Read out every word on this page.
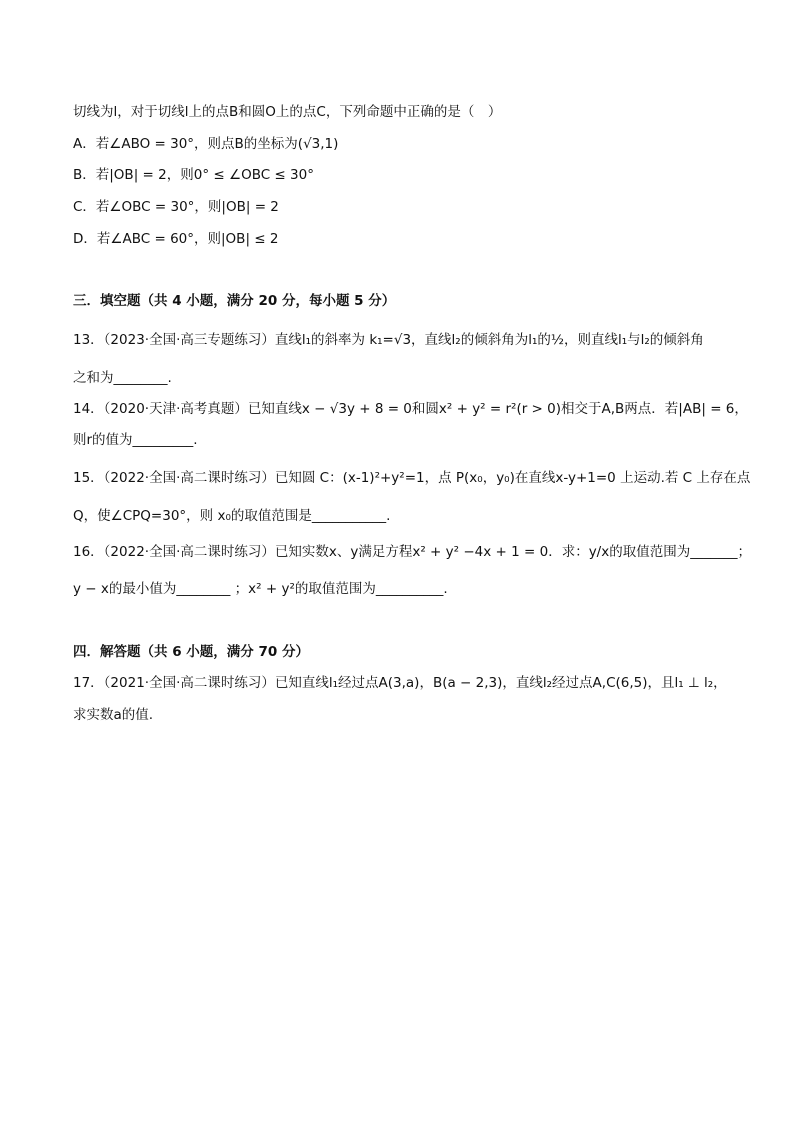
切线为l，对于切线l上的点B和圆O上的点C，下列命题中正确的是（　）
A．若∠ABO = 30°，则点B的坐标为(√3,1)
B．若|OB| = 2，则0° ≤ ∠OBC ≤ 30°
C．若∠OBC = 30°，则|OB| = 2
D．若∠ABC = 60°，则|OB| ≤ 2
三．填空题（共 4 小题，满分 20 分，每小题 5 分）
13．（2023·全国·高三专题练习）直线l₁的斜率为 k₁=√3，直线l₂的倾斜角为l₁的½，则直线l₁与l₂的倾斜角
之和为________.
14．（2020·天津·高考真题）已知直线x − √3y + 8 = 0和圆x² + y² = r²(r > 0)相交于A,B两点．若|AB| = 6，
则r的值为_________.
15．（2022·全国·高二课时练习）已知圆 C：(x-1)²+y²=1，点 P(x₀，y₀)在直线x-y+1=0 上运动.若 C 上存在点
Q，使∠CPQ=30°，则 x₀的取值范围是___________.
16．（2022·全国·高二课时练习）已知实数x、y满足方程x² + y² −4x + 1 = 0．求：y/x的取值范围为_______；
y − x的最小值为________ ；x² + y²的取值范围为__________.
四．解答题（共 6 小题，满分 70 分）
17．（2021·全国·高二课时练习）已知直线l₁经过点A(3,a)，B(a − 2,3)，直线l₂经过点A,C(6,5)，且l₁ ⊥ l₂，
求实数a的值.
